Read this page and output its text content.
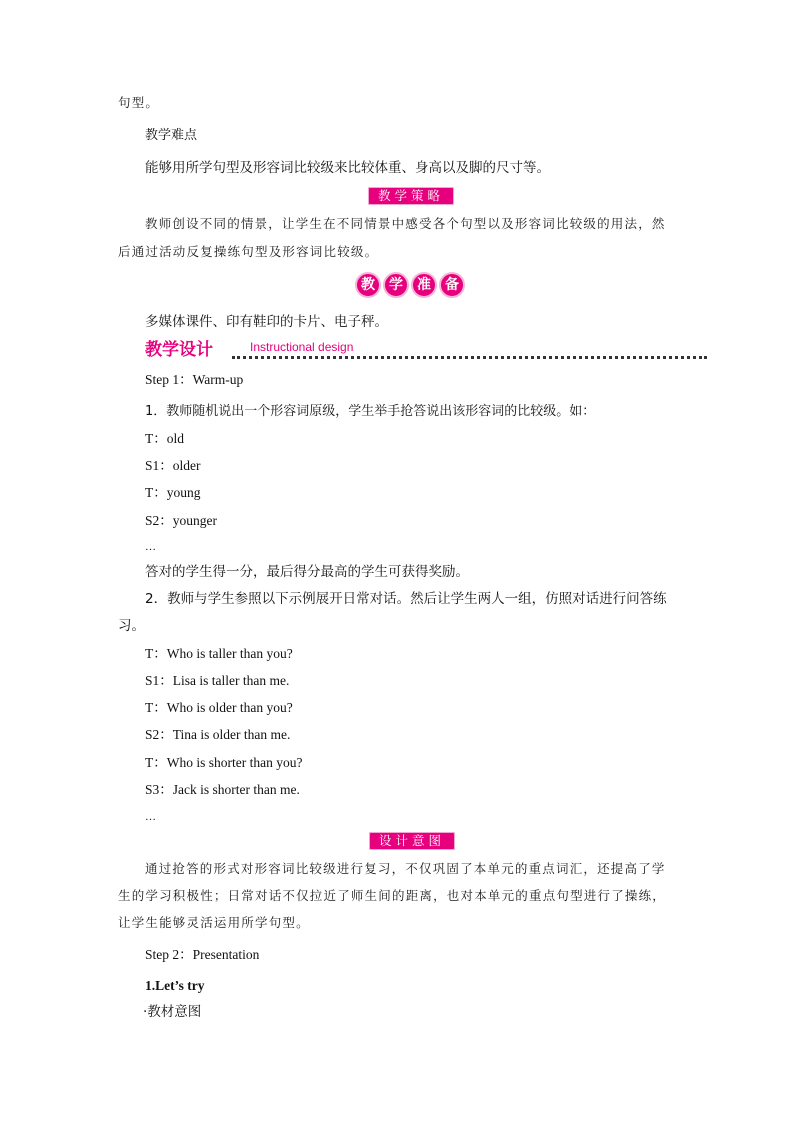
句型。
教学难点
能够用所学句型及形容词比较级来比较体重、身高以及脚的尺寸等。
教学策略
教师创设不同的情景，让学生在不同情景中感受各个句型以及形容词比较级的用法，然
后通过活动反复操练句型及形容词比较级。
教	学	准	备
多媒体课件、印有鞋印的卡片、电子秤。
教学设计	Instructional design
Step 1：Warm-up
1．教师随机说出一个形容词原级，学生举手抢答说出该形容词的比较级。如：
T：old
S1：older
T：young
S2：younger
…
答对的学生得一分，最后得分最高的学生可获得奖励。
2．教师与学生参照以下示例展开日常对话。然后让学生两人一组，仿照对话进行问答练
习。
T：Who is taller than you?
S1：Lisa is taller than me.
T：Who is older than you?
S2：Tina is older than me.
T：Who is shorter than you?
S3：Jack is shorter than me.
…
设计意图
通过抢答的形式对形容词比较级进行复习，不仅巩固了本单元的重点词汇，还提高了学
生的学习积极性；日常对话不仅拉近了师生间的距离，也对本单元的重点句型进行了操练，
让学生能够灵活运用所学句型。
Step 2：Presentation
1.Let’s try
·教材意图
